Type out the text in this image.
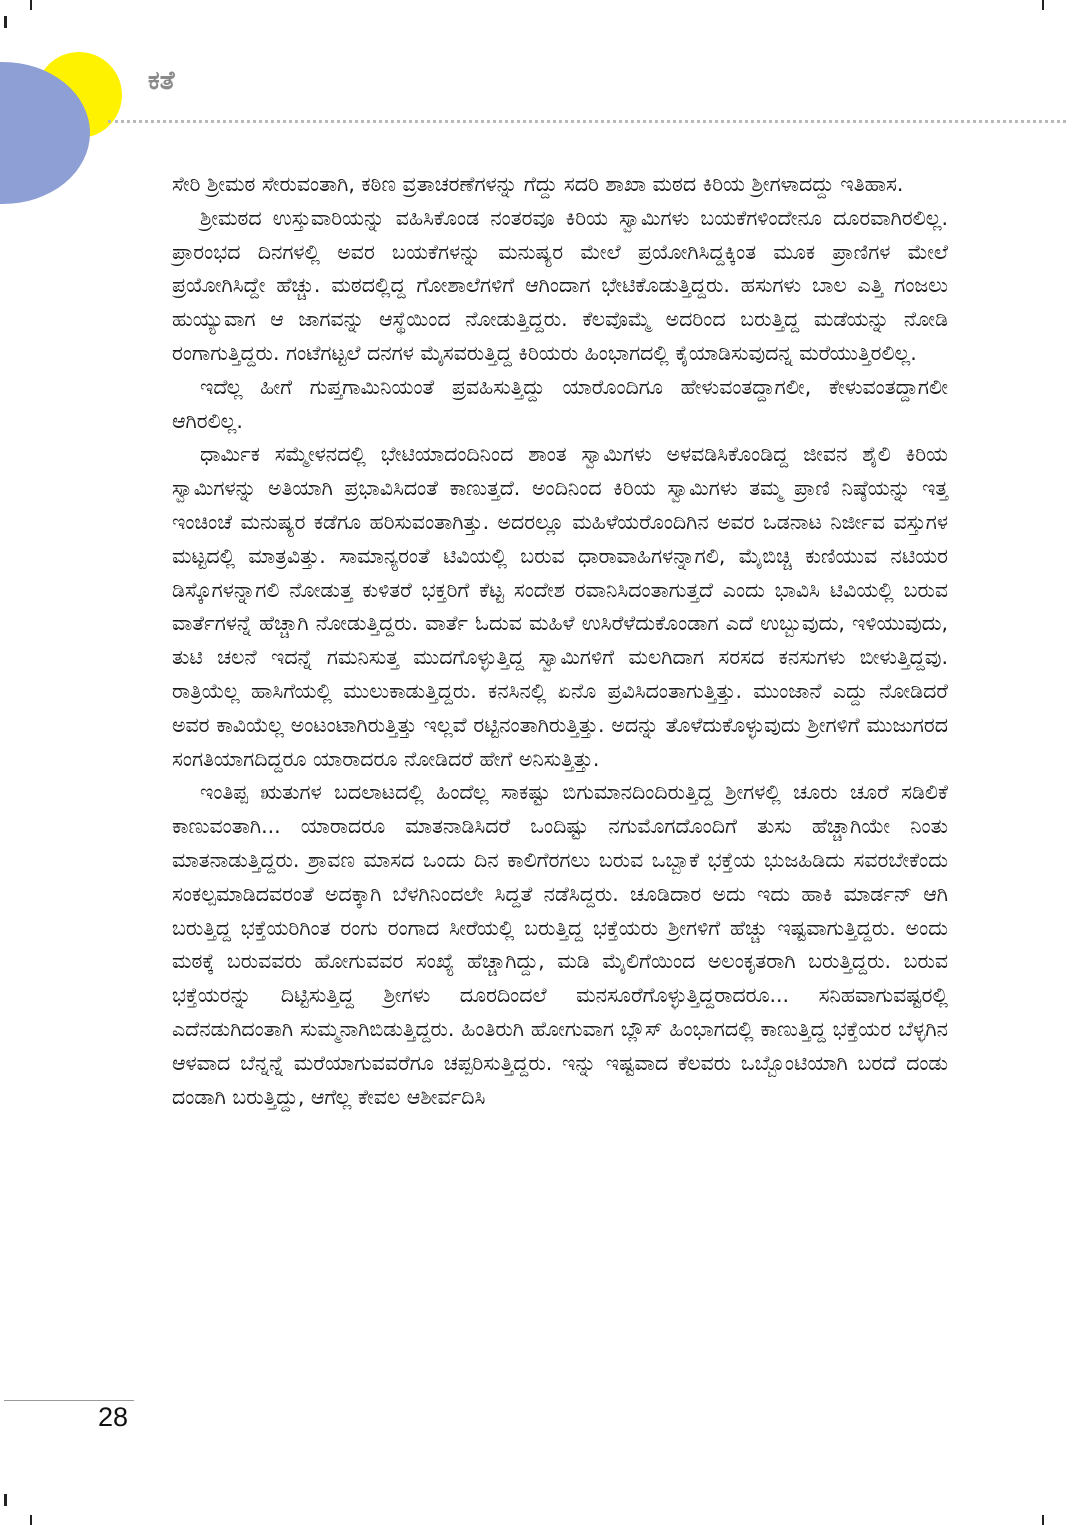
ಕತೆ

ಸೇರಿ ಶ್ರೀಮಠ ಸೇರುವಂತಾಗಿ, ಕಠಿಣ ವ್ರತಾಚರಣೆಗಳನ್ನು ಗೆದ್ದು ಸದರಿ ಶಾಖಾ ಮಠದ ಕಿರಿಯ ಶ್ರೀಗಳಾದದ್ದು ಇತಿಹಾಸ.

ಶ್ರೀಮಠದ ಉಸ್ತುವಾರಿಯನ್ನು ವಹಿಸಿಕೊಂಡ ನಂತರವೂ ಕಿರಿಯ ಸ್ವಾಮಿಗಳು ಬಯಕೆಗಳಿಂದೇನೂ ದೂರವಾಗಿರಲಿಲ್ಲ. ಪ್ರಾರಂಭದ ದಿನಗಳಲ್ಲಿ ಅವರ ಬಯಕೆಗಳನ್ನು ಮನುಷ್ಯರ ಮೇಲೆ ಪ್ರಯೋಗಿಸಿದ್ದಕ್ಕಿಂತ ಮೂಕ ಪ್ರಾಣಿಗಳ ಮೇಲೆ ಪ್ರಯೋಗಿಸಿದ್ದೇ ಹೆಚ್ಚು. ಮಠದಲ್ಲಿದ್ದ ಗೋಶಾಲೆಗಳಿಗೆ ಆಗಿಂದಾಗ ಭೇಟಿಕೊಡುತ್ತಿದ್ದರು. ಹಸುಗಳು ಬಾಲ ಎತ್ತಿ ಗಂಜಲು ಹುಯ್ಯುವಾಗ ಆ ಜಾಗವನ್ನು ಆಸ್ಥೆಯಿಂದ ನೋಡುತ್ತಿದ್ದರು. ಕೆಲವೊಮ್ಮೆ ಅದರಿಂದ ಬರುತ್ತಿದ್ದ ಮಡೆಯನ್ನು ನೋಡಿ ರಂಗಾಗುತ್ತಿದ್ದರು. ಗಂಟೆಗಟ್ಟಲೆ ದನಗಳ ಮೈಸವರುತ್ತಿದ್ದ ಕಿರಿಯರು ಹಿಂಭಾಗದಲ್ಲಿ ಕೈಯಾಡಿಸುವುದನ್ನ ಮರೆಯುತ್ತಿರಲಿಲ್ಲ.

ಇದೆಲ್ಲ ಹೀಗೆ ಗುಪ್ತಗಾಮಿನಿಯಂತೆ ಪ್ರವಹಿಸುತ್ತಿದ್ದು ಯಾರೊಂದಿಗೂ ಹೇಳುವಂತದ್ದಾಗಲೀ, ಕೇಳುವಂತದ್ದಾಗಲೀ ಆಗಿರಲಿಲ್ಲ.

ಧಾರ್ಮಿಕ ಸಮ್ಮೇಳನದಲ್ಲಿ ಭೇಟಿಯಾದಂದಿನಿಂದ ಶಾಂತ ಸ್ವಾಮಿಗಳು ಅಳವಡಿಸಿಕೊಂಡಿದ್ದ ಜೀವನ ಶೈಲಿ ಕಿರಿಯ ಸ್ವಾಮಿಗಳನ್ನು ಅತಿಯಾಗಿ ಪ್ರಭಾವಿಸಿದಂತೆ ಕಾಣುತ್ತದೆ. ಅಂದಿನಿಂದ ಕಿರಿಯ ಸ್ವಾಮಿಗಳು ತಮ್ಮ ಪ್ರಾಣಿ ನಿಷ್ಠೆಯನ್ನು ಇತ್ತ ಇಂಚಿಂಚೆ ಮನುಷ್ಯರ ಕಡೆಗೂ ಹರಿಸುವಂತಾಗಿತ್ತು. ಅದರಲ್ಲೂ ಮಹಿಳೆಯರೊಂದಿಗಿನ ಅವರ ಒಡನಾಟ ನಿರ್ಜೀವ ವಸ್ತುಗಳ ಮಟ್ಟದಲ್ಲಿ ಮಾತ್ರವಿತ್ತು. ಸಾಮಾನ್ಯರಂತೆ ಟಿವಿಯಲ್ಲಿ ಬರುವ ಧಾರಾವಾಹಿಗಳನ್ನಾಗಲಿ, ಮೈಬಿಚ್ಚಿ ಕುಣಿಯುವ ನಟಿಯರ ಡಿಸ್ಕೊಗಳನ್ನಾಗಲಿ ನೋಡುತ್ತ ಕುಳಿತರೆ ಭಕ್ತರಿಗೆ ಕೆಟ್ಟ ಸಂದೇಶ ರವಾನಿಸಿದಂತಾಗುತ್ತದೆ ಎಂದು ಭಾವಿಸಿ ಟಿವಿಯಲ್ಲಿ ಬರುವ ವಾರ್ತೆಗಳನ್ನೆ ಹೆಚ್ಚಾಗಿ ನೋಡುತ್ತಿದ್ದರು. ವಾರ್ತೆ ಓದುವ ಮಹಿಳೆ ಉಸಿರೆಳೆದುಕೊಂಡಾಗ ಎದೆ ಉಬ್ಬುವುದು, ಇಳಿಯುವುದು, ತುಟಿ ಚಲನೆ ಇದನ್ನೆ ಗಮನಿಸುತ್ತ ಮುದಗೊಳ್ಳುತ್ತಿದ್ದ ಸ್ವಾಮಿಗಳಿಗೆ ಮಲಗಿದಾಗ ಸರಸದ ಕನಸುಗಳು ಬೀಳುತ್ತಿದ್ದವು. ರಾತ್ರಿಯೆಲ್ಲ ಹಾಸಿಗೆಯಲ್ಲಿ ಮುಲುಕಾಡುತ್ತಿದ್ದರು. ಕನಸಿನಲ್ಲಿ ಏನೊ ಪ್ರವಿಸಿದಂತಾಗುತ್ತಿತ್ತು. ಮುಂಜಾನೆ ಎದ್ದು ನೋಡಿದರೆ ಅವರ ಕಾವಿಯೆಲ್ಲ ಅಂಟಂಟಾಗಿರುತ್ತಿತ್ತು ಇಲ್ಲವೆ ರಟ್ಟಿನಂತಾಗಿರುತ್ತಿತ್ತು. ಅದನ್ನು ತೊಳೆದುಕೊಳ್ಳುವುದು ಶ್ರೀಗಳಿಗೆ ಮುಜುಗರದ ಸಂಗತಿಯಾಗದಿದ್ದರೂ ಯಾರಾದರೂ ನೋಡಿದರೆ ಹೇಗೆ ಅನಿಸುತ್ತಿತ್ತು.

ಇಂತಿಪ್ಪ ಋತುಗಳ ಬದಲಾಟದಲ್ಲಿ ಹಿಂದೆಲ್ಲ ಸಾಕಷ್ಟು ಬಿಗುಮಾನದಿಂದಿರುತ್ತಿದ್ದ ಶ್ರೀಗಳಲ್ಲಿ ಚೂರು ಚೂರೆ ಸಡಿಲಿಕೆ ಕಾಣುವಂತಾಗಿ... ಯಾರಾದರೂ ಮಾತನಾಡಿಸಿದರೆ ಒಂದಿಷ್ಟು ನಗುಮೊಗದೊಂದಿಗೆ ತುಸು ಹೆಚ್ಚಾಗಿಯೇ ನಿಂತು ಮಾತನಾಡುತ್ತಿದ್ದರು. ಶ್ರಾವಣ ಮಾಸದ ಒಂದು ದಿನ ಕಾಲಿಗೆರಗಲು ಬರುವ ಒಬ್ಬಾಕೆ ಭಕ್ತೆಯ ಭುಜಹಿಡಿದು ಸವರಬೇಕೆಂದು ಸಂಕಲ್ಪಮಾಡಿದವರಂತೆ ಅದಕ್ಕಾಗಿ ಬೆಳಗಿನಿಂದಲೇ ಸಿದ್ದತೆ ನಡೆಸಿದ್ದರು. ಚೂಡಿದಾರ ಅದು ಇದು ಹಾಕಿ ಮಾರ್ಡನ್ ಆಗಿ ಬರುತ್ತಿದ್ದ ಭಕ್ತೆಯರಿಗಿಂತ ರಂಗು ರಂಗಾದ ಸೀರೆಯಲ್ಲಿ ಬರುತ್ತಿದ್ದ ಭಕ್ತೆಯರು ಶ್ರೀಗಳಿಗೆ ಹೆಚ್ಚು ಇಷ್ಟವಾಗುತ್ತಿದ್ದರು. ಅಂದು ಮಠಕ್ಕೆ ಬರುವವರು ಹೋಗುವವರ ಸಂಖ್ಯೆ ಹೆಚ್ಚಾಗಿದ್ದು, ಮಡಿ ಮೈಲಿಗೆಯಿಂದ ಅಲಂಕೃತರಾಗಿ ಬರುತ್ತಿದ್ದರು. ಬರುವ ಭಕ್ತೆಯರನ್ನು ದಿಟ್ಟಿಸುತ್ತಿದ್ದ ಶ್ರೀಗಳು ದೂರದಿಂದಲೆ ಮನಸೂರೆಗೊಳ್ಳುತ್ತಿದ್ದರಾದರೂ... ಸನಿಹವಾಗುವಷ್ಟರಲ್ಲಿ ಎದೆನಡುಗಿದಂತಾಗಿ ಸುಮ್ಮನಾಗಿಬಿಡುತ್ತಿದ್ದರು. ಹಿಂತಿರುಗಿ ಹೋಗುವಾಗ ಬ್ಲೌಸ್ ಹಿಂಭಾಗದಲ್ಲಿ ಕಾಣುತ್ತಿದ್ದ ಭಕ್ತೆಯರ ಬೆಳ್ಳಗಿನ ಆಳವಾದ ಬೆನ್ನನ್ನೆ ಮರೆಯಾಗುವವರೆಗೂ ಚಪ್ಪರಿಸುತ್ತಿದ್ದರು. ಇನ್ನು ಇಷ್ಟವಾದ ಕೆಲವರು ಒಬ್ಬೊಂಟಿಯಾಗಿ ಬರದೆ ದಂಡು ದಂಡಾಗಿ ಬರುತ್ತಿದ್ದು, ಆಗೆಲ್ಲ ಕೇವಲ ಆಶೀರ್ವದಿಸಿ

28
